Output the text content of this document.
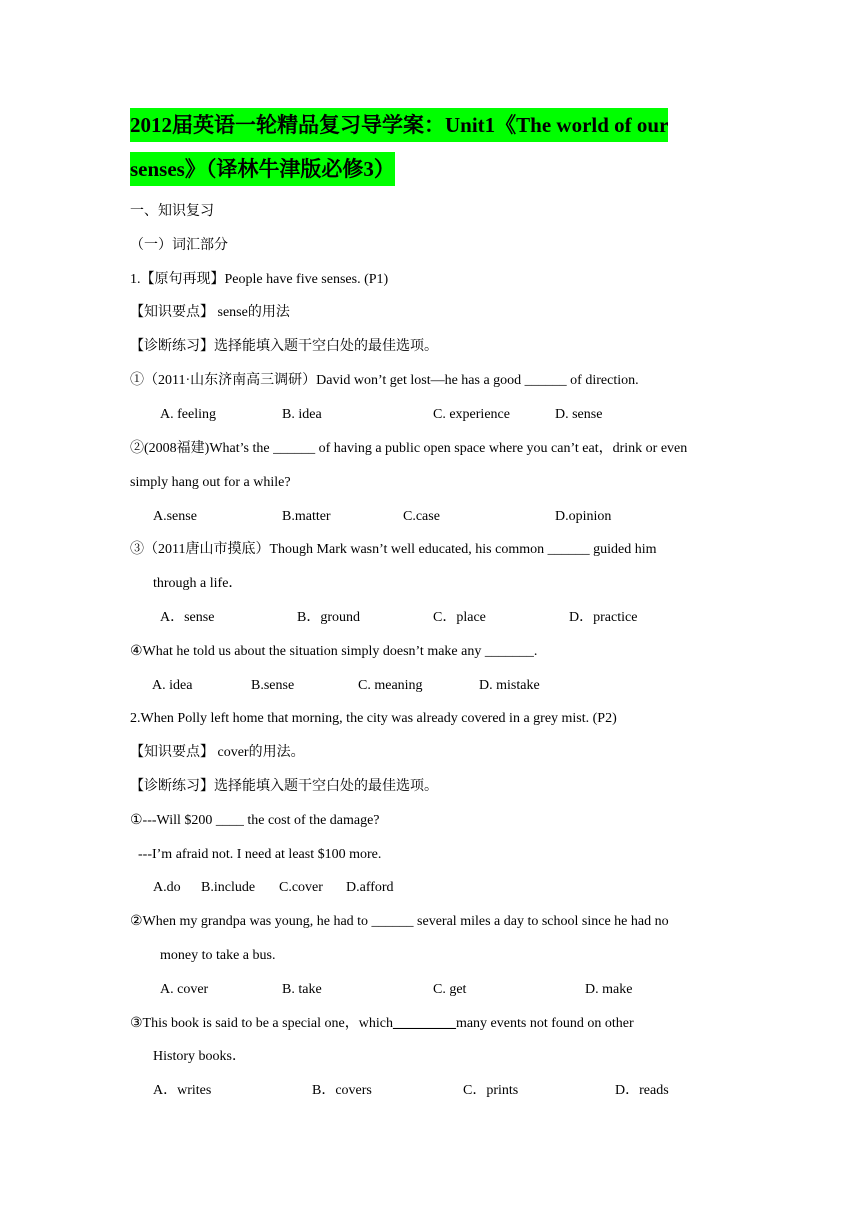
2012届英语一轮精品复习导学案：Unit1《The world of our
senses》（译林牛津版必修3）
一、知识复习
（一）词汇部分
1.【原句再现】People have five senses. (P1)
【知识要点】 sense的用法
【诊断练习】选择能填入题干空白处的最佳选项。
①（2011·山东济南高三调研）David won’t get lost—he has a good ______ of direction.
A. feeling	B. idea	C. experience	D. sense
②(2008福建)What’s the ______ of having a public open space where you can’t eat，drink or even
simply hang out for a while?
A.sense	B.matter	C.case	D.opinion
③（2011唐山市摸底）Though Mark wasn’t well educated, his common ______ guided him
through a life．
A．sense	B．ground	C．place	D．practice
④What he told us about the situation simply doesn’t make any _______.
A. idea	B.sense	C. meaning	D. mistake
2.When Polly left home that morning, the city was already covered in a grey mist. (P2)
【知识要点】 cover的用法。
【诊断练习】选择能填入题干空白处的最佳选项。
①---Will $200 ____ the cost of the damage?
---I’m afraid not. I need at least $100 more.
A.do B.include C.cover D.afford
②When my grandpa was young, he had to ______ several miles a day to school since he had no
money to take a bus.
A. cover	B. take	C. get	D. make
③This book is said to be a special one，which_________many events not found on other
History books．
A．writes	B．covers	C．prints	D．reads
